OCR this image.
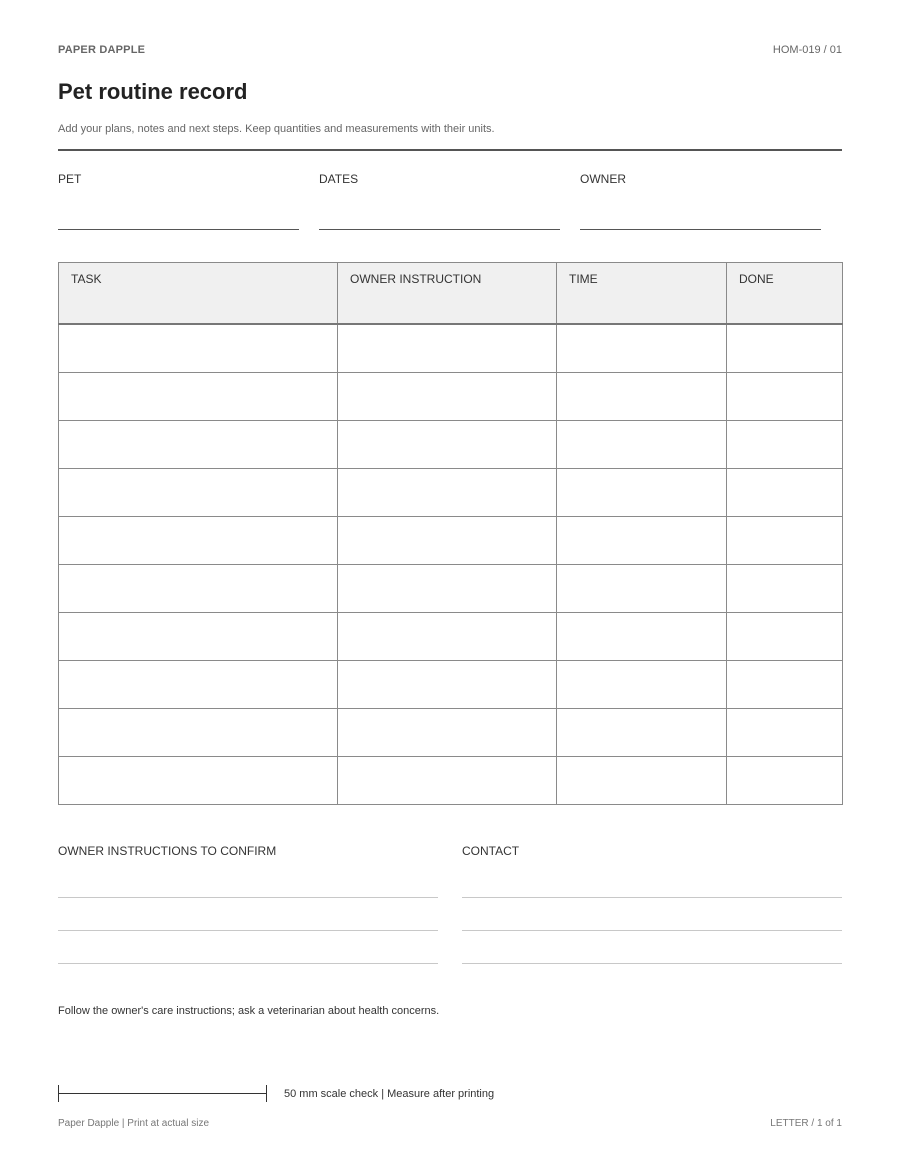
PAPER DAPPLE	HOM-019 / 01
Pet routine record
Add your plans, notes and next steps. Keep quantities and measurements with their units.
PET	DATES	OWNER
TASK	OWNER INSTRUCTION	TIME	DONE

OWNER INSTRUCTIONS TO CONFIRM	CONTACT
Follow the owner's care instructions; ask a veterinarian about health concerns.
50 mm scale check | Measure after printing
Paper Dapple | Print at actual size	LETTER / 1 of 1
